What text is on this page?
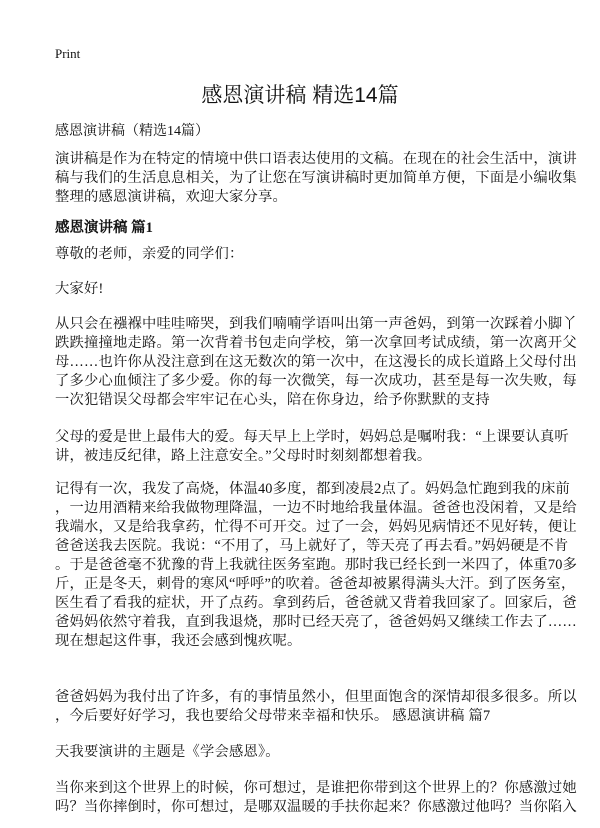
Print
感恩演讲稿 精选14篇
感恩演讲稿（精选14篇）
演讲稿是作为在特定的情境中供口语表达使用的文稿。在现在的社会生活中，演讲
稿与我们的生活息息相关，为了让您在写演讲稿时更加简单方便，下面是小编收集
整理的感恩演讲稿，欢迎大家分享。
感恩演讲稿 篇1
尊敬的老师，亲爱的同学们：
大家好!
从只会在襁褓中哇哇啼哭，到我们喃喃学语叫出第一声爸妈，到第一次踩着小脚丫
跌跌撞撞地走路。第一次背着书包走向学校，第一次拿回考试成绩，第一次离开父
母……也许你从没注意到在这无数次的第一次中，在这漫长的成长道路上父母付出
了多少心血倾注了多少爱。你的每一次微笑，每一次成功，甚至是每一次失败，每
一次犯错误父母都会牢牢记在心头，陪在你身边，给予你默默的支持
父母的爱是世上最伟大的爱。每天早上上学时，妈妈总是嘱咐我：“上课要认真听
讲，被违反纪律，路上注意安全。”父母时时刻刻都想着我。
记得有一次，我发了高烧，体温40多度，都到凌晨2点了。妈妈急忙跑到我的床前
，一边用酒精来给我做物理降温，一边不时地给我量体温。爸爸也没闲着，又是给
我端水，又是给我拿药，忙得不可开交。过了一会，妈妈见病情还不见好转，便让
爸爸送我去医院。我说：“不用了，马上就好了，等天亮了再去看。”妈妈硬是不肯
。于是爸爸毫不犹豫的背上我就往医务室跑。那时我已经长到一米四了，体重70多
斤，正是冬天，刺骨的寒风“呼呼”的吹着。爸爸却被累得满头大汗。到了医务室，
医生看了看我的症状，开了点药。拿到药后，爸爸就又背着我回家了。回家后，爸
爸妈妈依然守着我，直到我退烧，那时已经天亮了，爸爸妈妈又继续工作去了……
现在想起这件事，我还会感到愧疚呢。
爸爸妈妈为我付出了许多，有的事情虽然小，但里面饱含的深情却很多很多。所以
，今后要好好学习，我也要给父母带来幸福和快乐。 感恩演讲稿 篇7
天我要演讲的主题是《学会感恩》。
当你来到这个世界上的时候，你可想过，是谁把你带到这个世界上的？你感激过她
吗？当你摔倒时，你可想过，是哪双温暖的手扶你起来？你感激过他吗？当你陷入
